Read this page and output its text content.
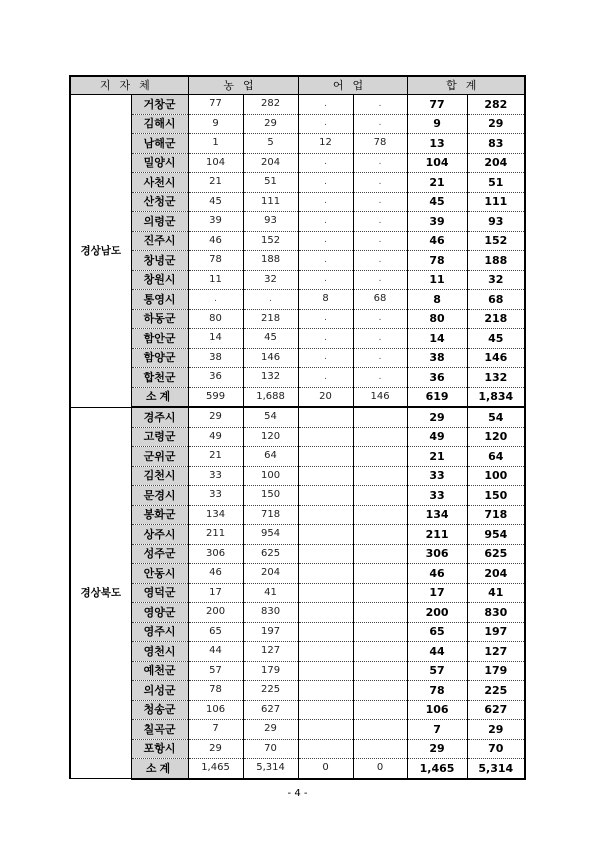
지자체		농업		어업		합계	
경상남도	거창군	77	282	.	.	77	282
	김해시	9	29	.	.	9	29
	남해군	1	5	12	78	13	83
	밀양시	104	204	.	.	104	204
	사천시	21	51	.	.	21	51
	산청군	45	111	.	.	45	111
	의령군	39	93	.	.	39	93
	진주시	46	152	.	.	46	152
	창녕군	78	188	.	.	78	188
	창원시	11	32	.	.	11	32
	통영시	.	.	8	68	8	68
	하동군	80	218	.	.	80	218
	함안군	14	45	.	.	14	45
	함양군	38	146	.	.	38	146
	합천군	36	132	.	.	36	132
	소계	599	1,688	20	146	619	1,834
경상북도	경주시	29	54			29	54
	고령군	49	120			49	120
	군위군	21	64			21	64
	김천시	33	100			33	100
	문경시	33	150			33	150
	봉화군	134	718			134	718
	상주시	211	954			211	954
	성주군	306	625			306	625
	안동시	46	204			46	204
	영덕군	17	41			17	41
	영양군	200	830			200	830
	영주시	65	197			65	197
	영천시	44	127			44	127
	예천군	57	179			57	179
	의성군	78	225			78	225
	청송군	106	627			106	627
	칠곡군	7	29			7	29
	포항시	29	70			29	70
	소계	1,465	5,314	0	0	1,465	5,314
- 4 -
